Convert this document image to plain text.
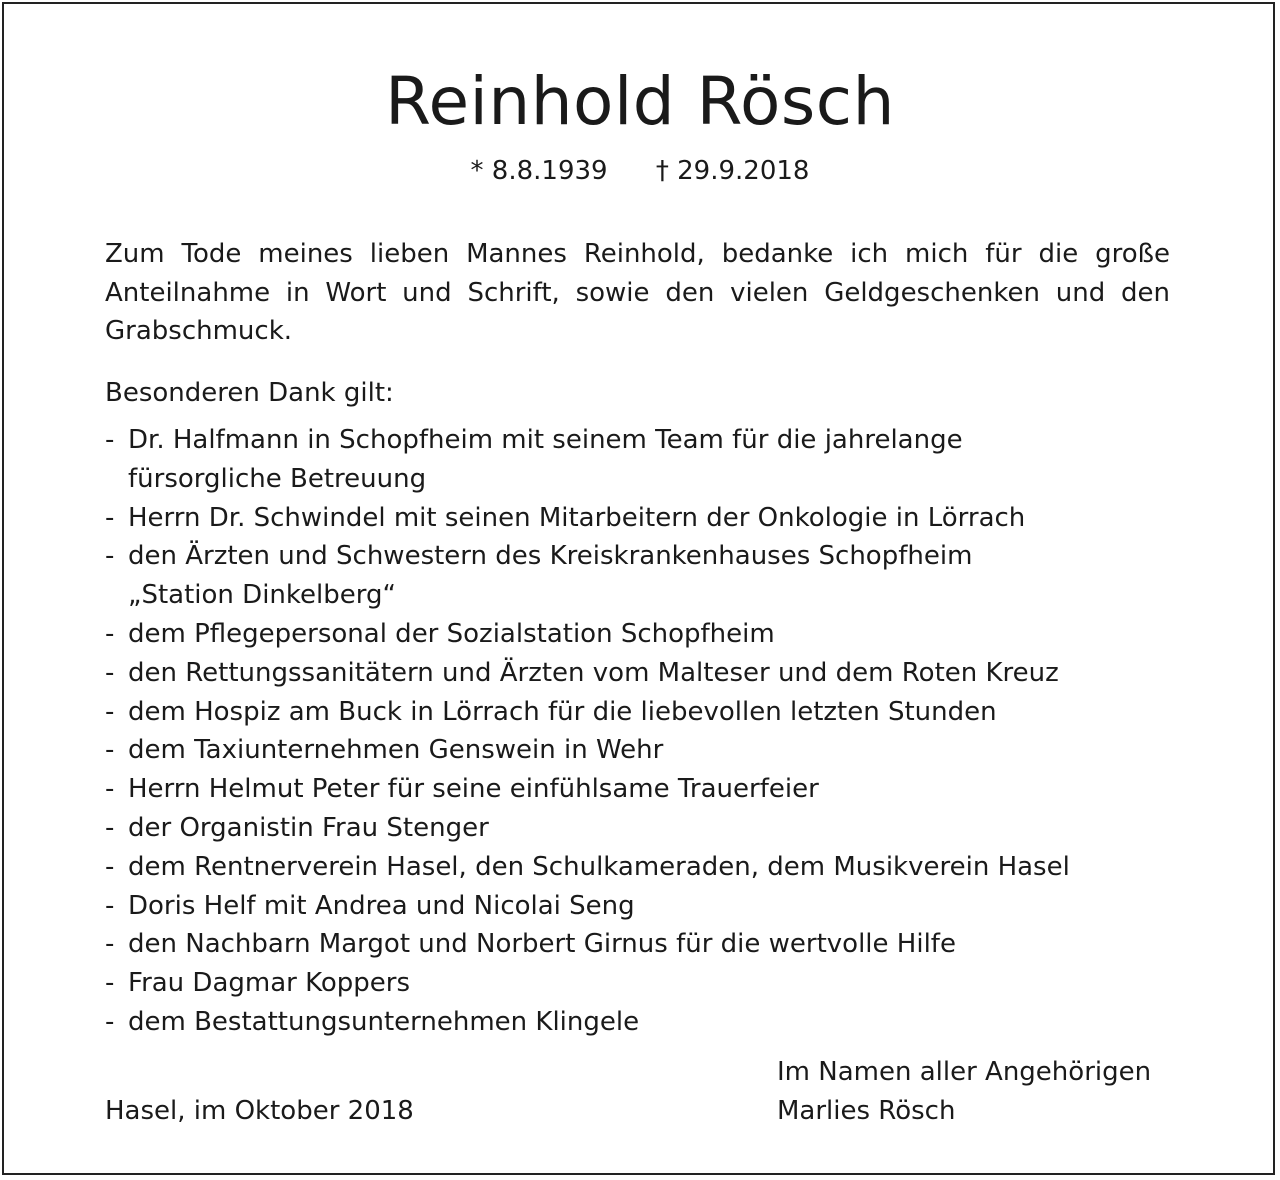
Reinhold Rösch
* 8.8.1939 † 29.9.2018

Zum Tode meines lieben Mannes Reinhold, bedanke ich mich für die große Anteilnahme in Wort und Schrift, sowie den vielen Geldgeschenken und den Grabschmuck.

Besonderen Dank gilt:
- Dr. Halfmann in Schopfheim mit seinem Team für die jahrelange
fürsorgliche Betreuung
- Herrn Dr. Schwindel mit seinen Mitarbeitern der Onkologie in Lörrach
- den Ärzten und Schwestern des Kreiskrankenhauses Schopfheim
„Station Dinkelberg“
- dem Pflegepersonal der Sozialstation Schopfheim
- den Rettungssanitätern und Ärzten vom Malteser und dem Roten Kreuz
- dem Hospiz am Buck in Lörrach für die liebevollen letzten Stunden
- dem Taxiunternehmen Genswein in Wehr
- Herrn Helmut Peter für seine einfühlsame Trauerfeier
- der Organistin Frau Stenger
- dem Rentnerverein Hasel, den Schulkameraden, dem Musikverein Hasel
- Doris Helf mit Andrea und Nicolai Seng
- den Nachbarn Margot und Norbert Girnus für die wertvolle Hilfe
- Frau Dagmar Koppers
- dem Bestattungsunternehmen Klingele
Hasel, im Oktober 2018
Im Namen aller Angehörigen
Marlies Rösch
